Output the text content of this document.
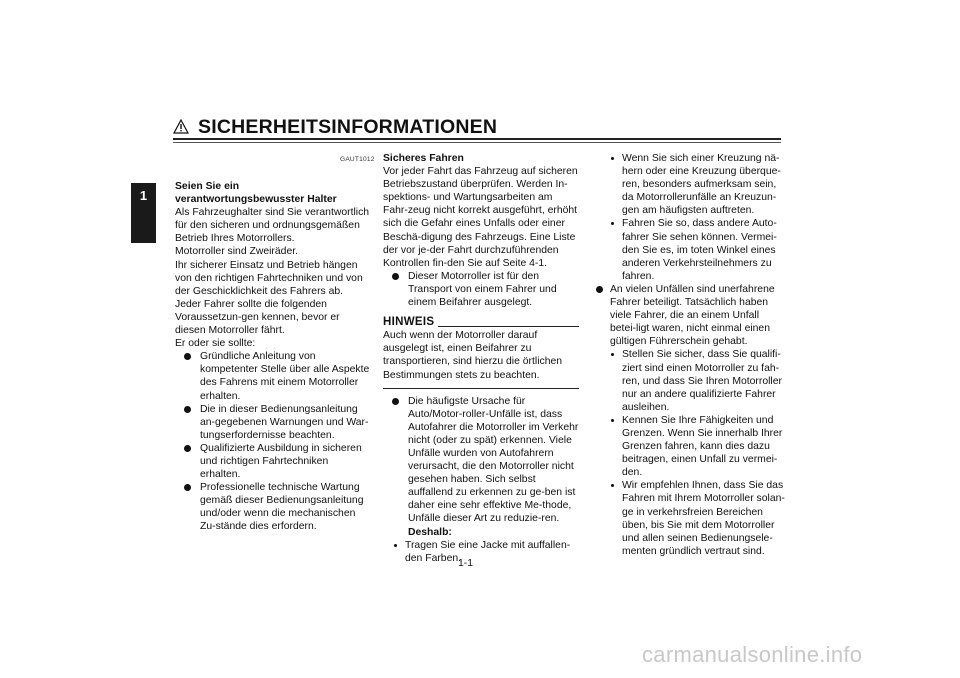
SICHERHEITSINFORMATIONEN
1
GAUT1012

Seien Sie ein verantwortungsbewusster Halter

Als Fahrzeughalter sind Sie verantwortlich für den sicheren und ordnungsgemäßen Betrieb Ihres Motorrollers.

Motorroller sind Zweiräder.

Ihr sicherer Einsatz und Betrieb hängen von den richtigen Fahrtechniken und von der Geschicklichkeit des Fahrers ab. Jeder Fahrer sollte die folgenden Voraussetzun-gen kennen, bevor er diesen Motorroller fährt.

Er oder sie sollte:

Gründliche Anleitung von kompetenter Stelle über alle Aspekte des Fahrens mit einem Motorroller erhalten.
Die in dieser Bedienungsanleitung an-gegebenen Warnungen und War-tungserfordernisse beachten.
Qualifizierte Ausbildung in sicheren und richtigen Fahrtechniken erhalten.
Professionelle technische Wartung gemäß dieser Bedienungsanleitung und/oder wenn die mechanischen Zu-stände dies erfordern.

Sicheres Fahren

Vor jeder Fahrt das Fahrzeug auf sicheren Betriebszustand überprüfen. Werden In-spektions- und Wartungsarbeiten am Fahr-zeug nicht korrekt ausgeführt, erhöht sich die Gefahr eines Unfalls oder einer Beschä-digung des Fahrzeugs. Eine Liste der vor je-der Fahrt durchzuführenden Kontrollen fin-den Sie auf Seite 4-1.

Dieser Motorroller ist für den Transport von einem Fahrer und einem Beifahrer ausgelegt.
HINWEIS

Auch wenn der Motorroller darauf ausgelegt ist, einen Beifahrer zu transportieren, sind hierzu die örtlichen Bestimmungen stets zu beachten.

Die häufigste Ursache für Auto/Motor-roller-Unfälle ist, dass Autofahrer die Motorroller im Verkehr nicht (oder zu spät) erkennen. Viele Unfälle wurden von Autofahrern verursacht, die den Motorroller nicht gesehen haben. Sich selbst auffallend zu erkennen zu ge-ben ist daher eine sehr effektive Me-thode, Unfälle dieser Art zu reduzie-ren.
Deshalb:
Tragen Sie eine Jacke mit auffallen-den Farben.
Wenn Sie sich einer Kreuzung nä-hern oder eine Kreuzung überque-ren, besonders aufmerksam sein, da Motorrollerunfälle an Kreuzun-gen am häufigsten auftreten.
Fahren Sie so, dass andere Auto-fahrer Sie sehen können. Vermei-den Sie es, im toten Winkel eines anderen Verkehrsteilnehmers zu fahren.
An vielen Unfällen sind unerfahrene Fahrer beteiligt. Tatsächlich haben viele Fahrer, die an einem Unfall betei-ligt waren, nicht einmal einen gültigen Führerschein gehabt.
Stellen Sie sicher, dass Sie qualifi-ziert sind einen Motorroller zu fah-ren, und dass Sie Ihren Motorroller nur an andere qualifizierte Fahrer ausleihen.
Kennen Sie Ihre Fähigkeiten und Grenzen. Wenn Sie innerhalb Ihrer Grenzen fahren, kann dies dazu beitragen, einen Unfall zu vermei-den.
Wir empfehlen Ihnen, dass Sie das Fahren mit Ihrem Motorroller solan-ge in verkehrsfreien Bereichen üben, bis Sie mit dem Motorroller und allen seinen Bedienungsele-menten gründlich vertraut sind.
1-1
carmanualsonline.info
